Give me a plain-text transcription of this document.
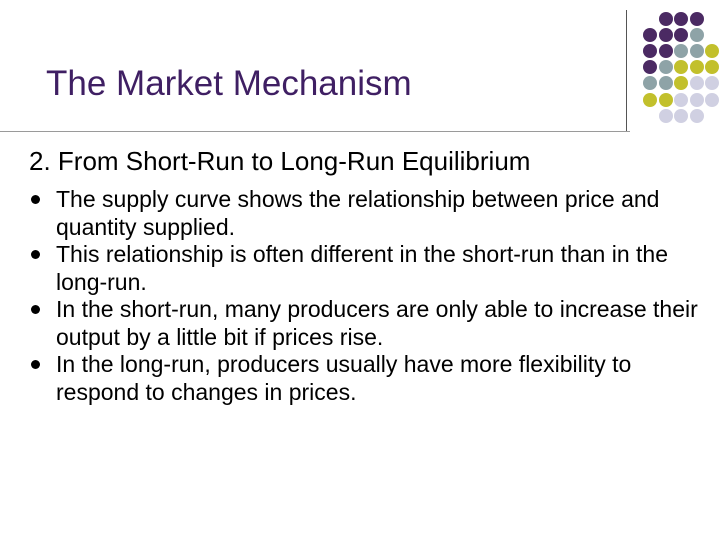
The Market Mechanism
2. From Short-Run to Long-Run Equilibrium
The supply curve shows the relationship between price and quantity supplied.
This relationship is often different in the short-run than in the long-run.
In the short-run, many producers are only able to increase their output by a little bit if prices rise.
In the long-run, producers usually have more flexibility to respond to changes in prices.
